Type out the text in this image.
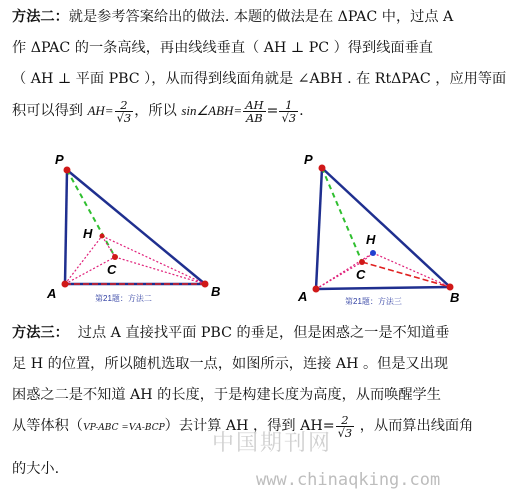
方法二：就是参考答案给出的做法. 本题的做法是在 ΔPAC 中，过点 A
作 ΔPAC 的一条高线，再由线线垂直（ AH ⊥ PC ）得到线面垂直
（ AH ⊥ 平面 PBC ），从而得到线面角就是 ∠ABH . 在 RtΔPAC ，应用等面
积可以得到 $AH= \frac{2}{√3}$ ，所以 sin∠ABH= $\frac{AH}{AB} = \frac{1}{√3}$ .
P
A	B
C
H
第21题：方法二
P
A	B
C
H
第21题：方法三
方法三： 过点 A 直接找平面 PBC 的垂足，但是困惑之一是不知道垂
足 H 的位置，所以随机选取一点，如图所示，连接 AH 。但是又出现
困惑之二是不知道 AH 的长度，于是构建长度为高度，从而唤醒学生
从等体积（VP-ABC =VA-BCP）去计算 AH ，得到 $AH= \frac{2}{√3}$ ，从而算出线面角
的大小.
中国期刊网
www.chinaqking.com
